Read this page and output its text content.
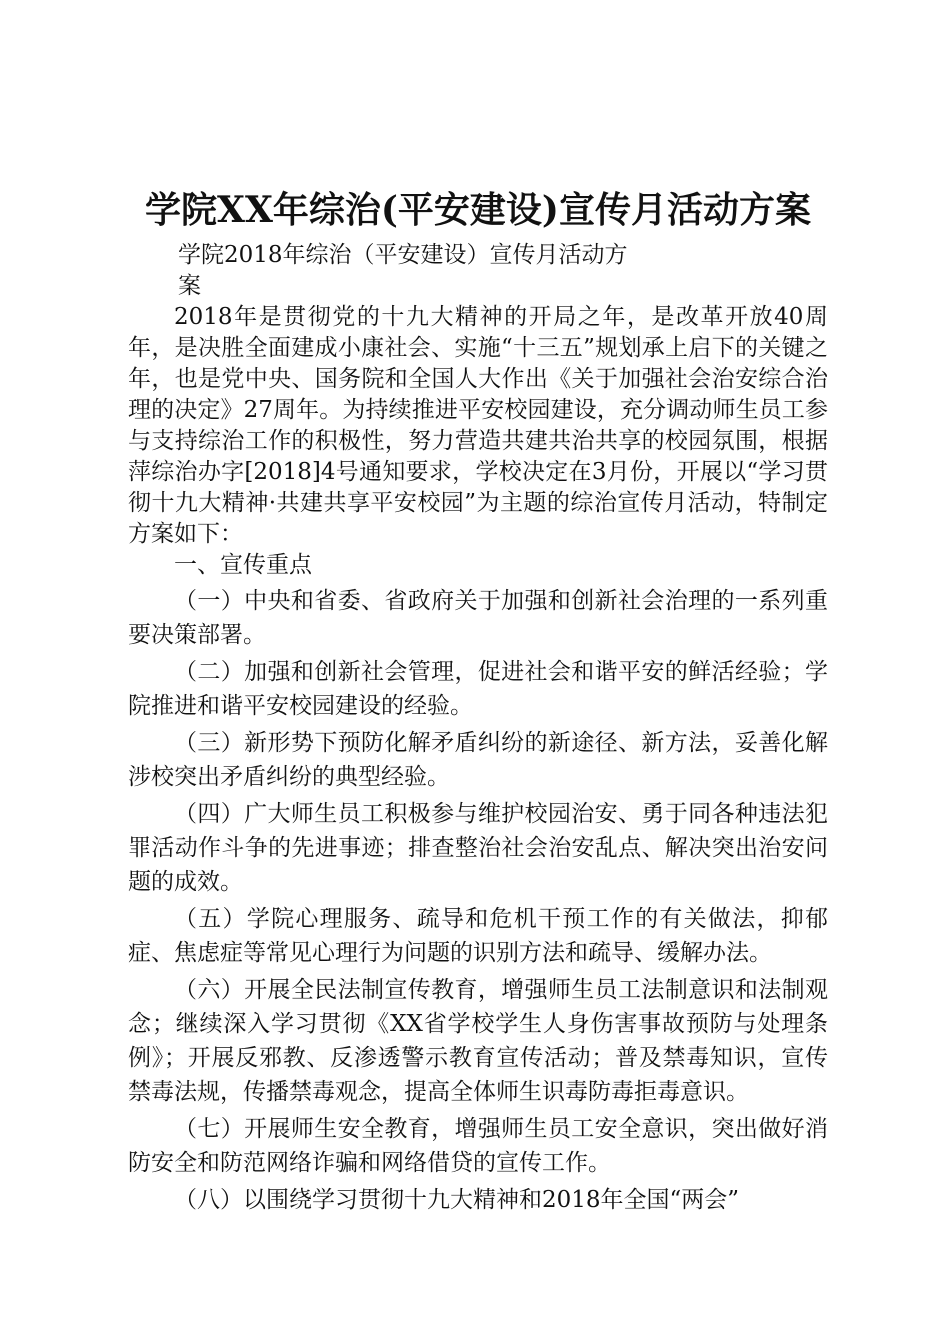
学院XX年综治(平安建设)宣传月活动方案

学院2018年综治（平安建设）宣传月活动方案

2018年是贯彻党的十九大精神的开局之年，是改革开放40周年，是决胜全面建成小康社会、实施“十三五”规划承上启下的关键之年，也是党中央、国务院和全国人大作出《关于加强社会治安综合治理的决定》27周年。为持续推进平安校园建设，充分调动师生员工参与支持综治工作的积极性，努力营造共建共治共享的校园氛围，根据萍综治办字[2018]4号通知要求，学校决定在3月份，开展以“学习贯彻十九大精神·共建共享平安校园”为主题的综治宣传月活动，特制定方案如下：

一、宣传重点

（一）中央和省委、省政府关于加强和创新社会治理的一系列重要决策部署。

（二）加强和创新社会管理，促进社会和谐平安的鲜活经验；学院推进和谐平安校园建设的经验。

（三）新形势下预防化解矛盾纠纷的新途径、新方法，妥善化解涉校突出矛盾纠纷的典型经验。

（四）广大师生员工积极参与维护校园治安、勇于同各种违法犯罪活动作斗争的先进事迹；排查整治社会治安乱点、解决突出治安问题的成效。

（五）学院心理服务、疏导和危机干预工作的有关做法，抑郁症、焦虑症等常见心理行为问题的识别方法和疏导、缓解办法。

（六）开展全民法制宣传教育，增强师生员工法制意识和法制观念；继续深入学习贯彻《XX省学校学生人身伤害事故预防与处理条例》；开展反邪教、反渗透警示教育宣传活动；普及禁毒知识，宣传禁毒法规，传播禁毒观念，提高全体师生识毒防毒拒毒意识。

（七）开展师生安全教育，增强师生员工安全意识，突出做好消防安全和防范网络诈骗和网络借贷的宣传工作。

（八）以围绕学习贯彻十九大精神和2018年全国“两会”
